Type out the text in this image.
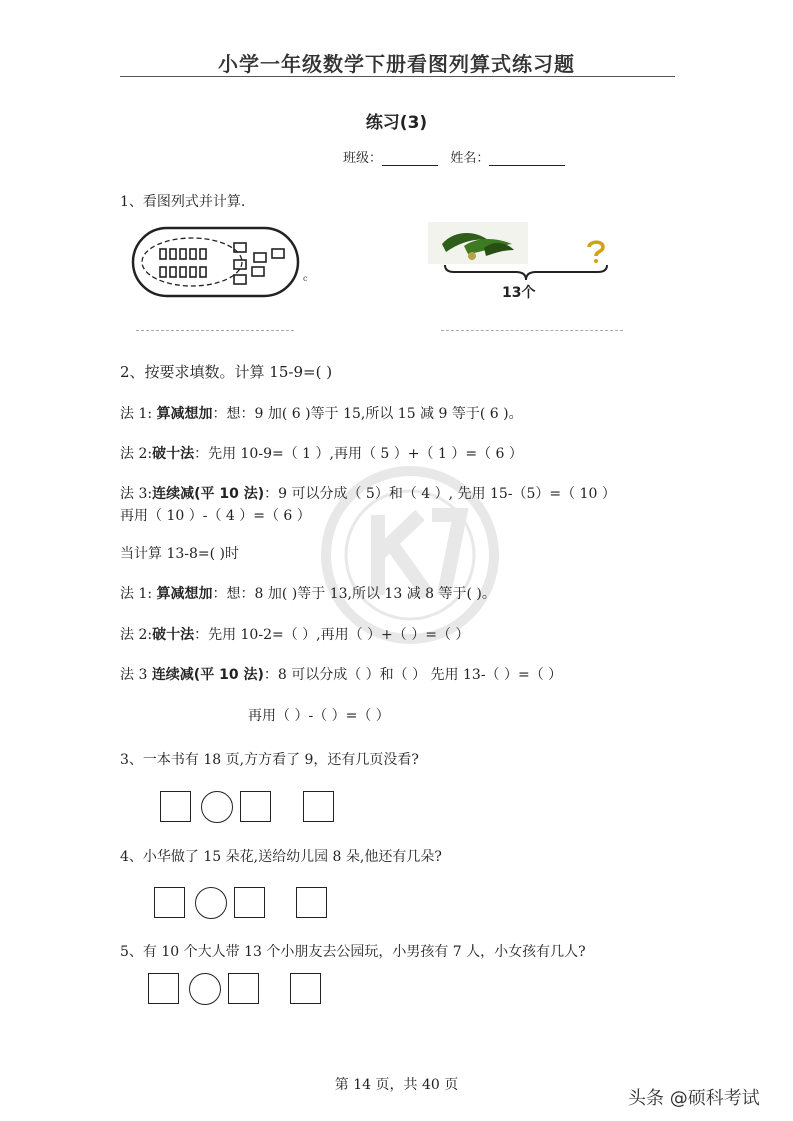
小学一年级数学下册看图列算式练习题
练习(3)
班级：	姓名：
1、看图列式并计算.
c
13个
2、按要求填数。计算 15-9=( )
法 1: 算减想加：想：9 加( 6 )等于 15,所以 15 减 9 等于( 6 )。
法 2:破十法：先用 10-9=（ 1 ）,再用（ 5 ）+（ 1 ）=（ 6 ）
法 3:连续减(平 10 法)：9 可以分成（ 5）和（ 4 ）, 先用 15-（5）=（ 10 ）
再用（ 10 ）-（ 4 ）=（ 6 ）
当计算 13-8=( )时
法 1: 算减想加：想：8 加( )等于 13,所以 13 减 8 等于( )。
法 2:破十法：先用 10-2=（ ）,再用（ ）+（ ）=（ ）
法 3 连续减(平 10 法)：8 可以分成（ ）和（ ） 先用 13-（ ）=（ ）
再用（ ）-（ ）=（ ）
3、一本书有 18 页,方方看了 9，还有几页没看?
4、小华做了 15 朵花,送给幼儿园 8 朵,他还有几朵?
5、有 10 个大人带 13 个小朋友去公园玩，小男孩有 7 人，小女孩有几人?
第 14 页，共 40 页
头条 @硕科考试
